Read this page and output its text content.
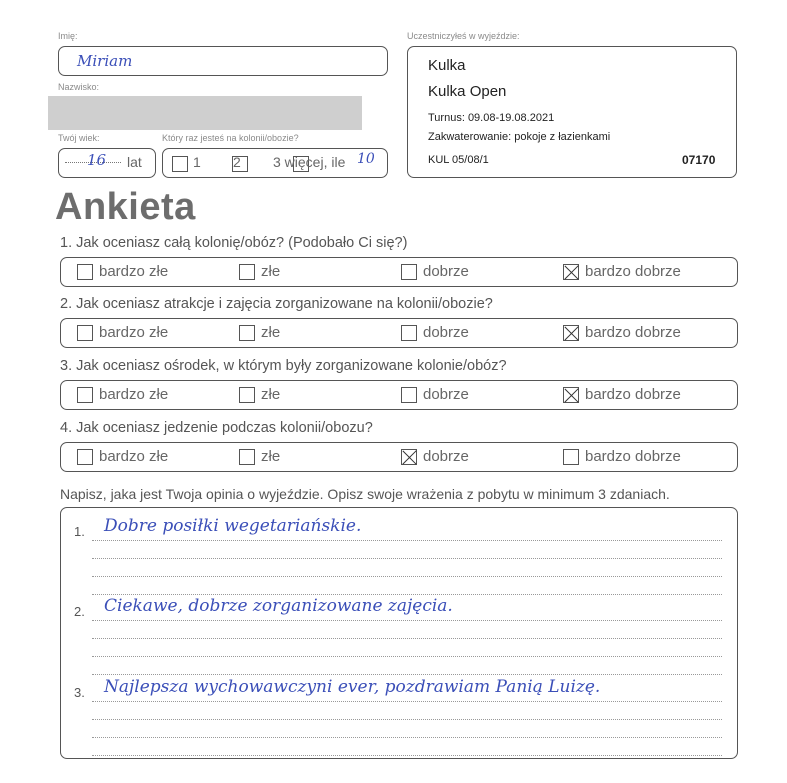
Imię:
Miriam
Nazwisko:
Twój wiek:
16 lat
Który raz jesteś na kolonii/obozie?

1
2 3 więcej, ile 10
Uczestniczyłeś w wyjeździe:
Kulka
Kulka Open
Turnus: 09.08-19.08.2021
Zakwaterowanie: pokoje z łazienkami
KUL 05/08/1	07170
Ankieta
1. Jak oceniasz całą kolonię/obóz? (Podobało Ci się?)
bardzo złe	złe	dobrze	bardzo dobrze
2. Jak oceniasz atrakcje i zajęcia zorganizowane na kolonii/obozie?
bardzo złe	złe	dobrze	bardzo dobrze
3. Jak oceniasz ośrodek, w którym były zorganizowane kolonie/obóz?
bardzo złe	złe	dobrze	bardzo dobrze
4. Jak oceniasz jedzenie podczas kolonii/obozu?
bardzo złe	złe	dobrze	bardzo dobrze
Napisz, jaka jest Twoja opinia o wyjeździe. Opisz swoje wrażenia z pobytu w minimum 3 zdaniach.
1. Dobre posiłki wegetariańskie.
2. Ciekawe, dobrze zorganizowane zajęcia.
3. Najlepsza wychowawczyni ever, pozdrawiam Panią Luizę.
